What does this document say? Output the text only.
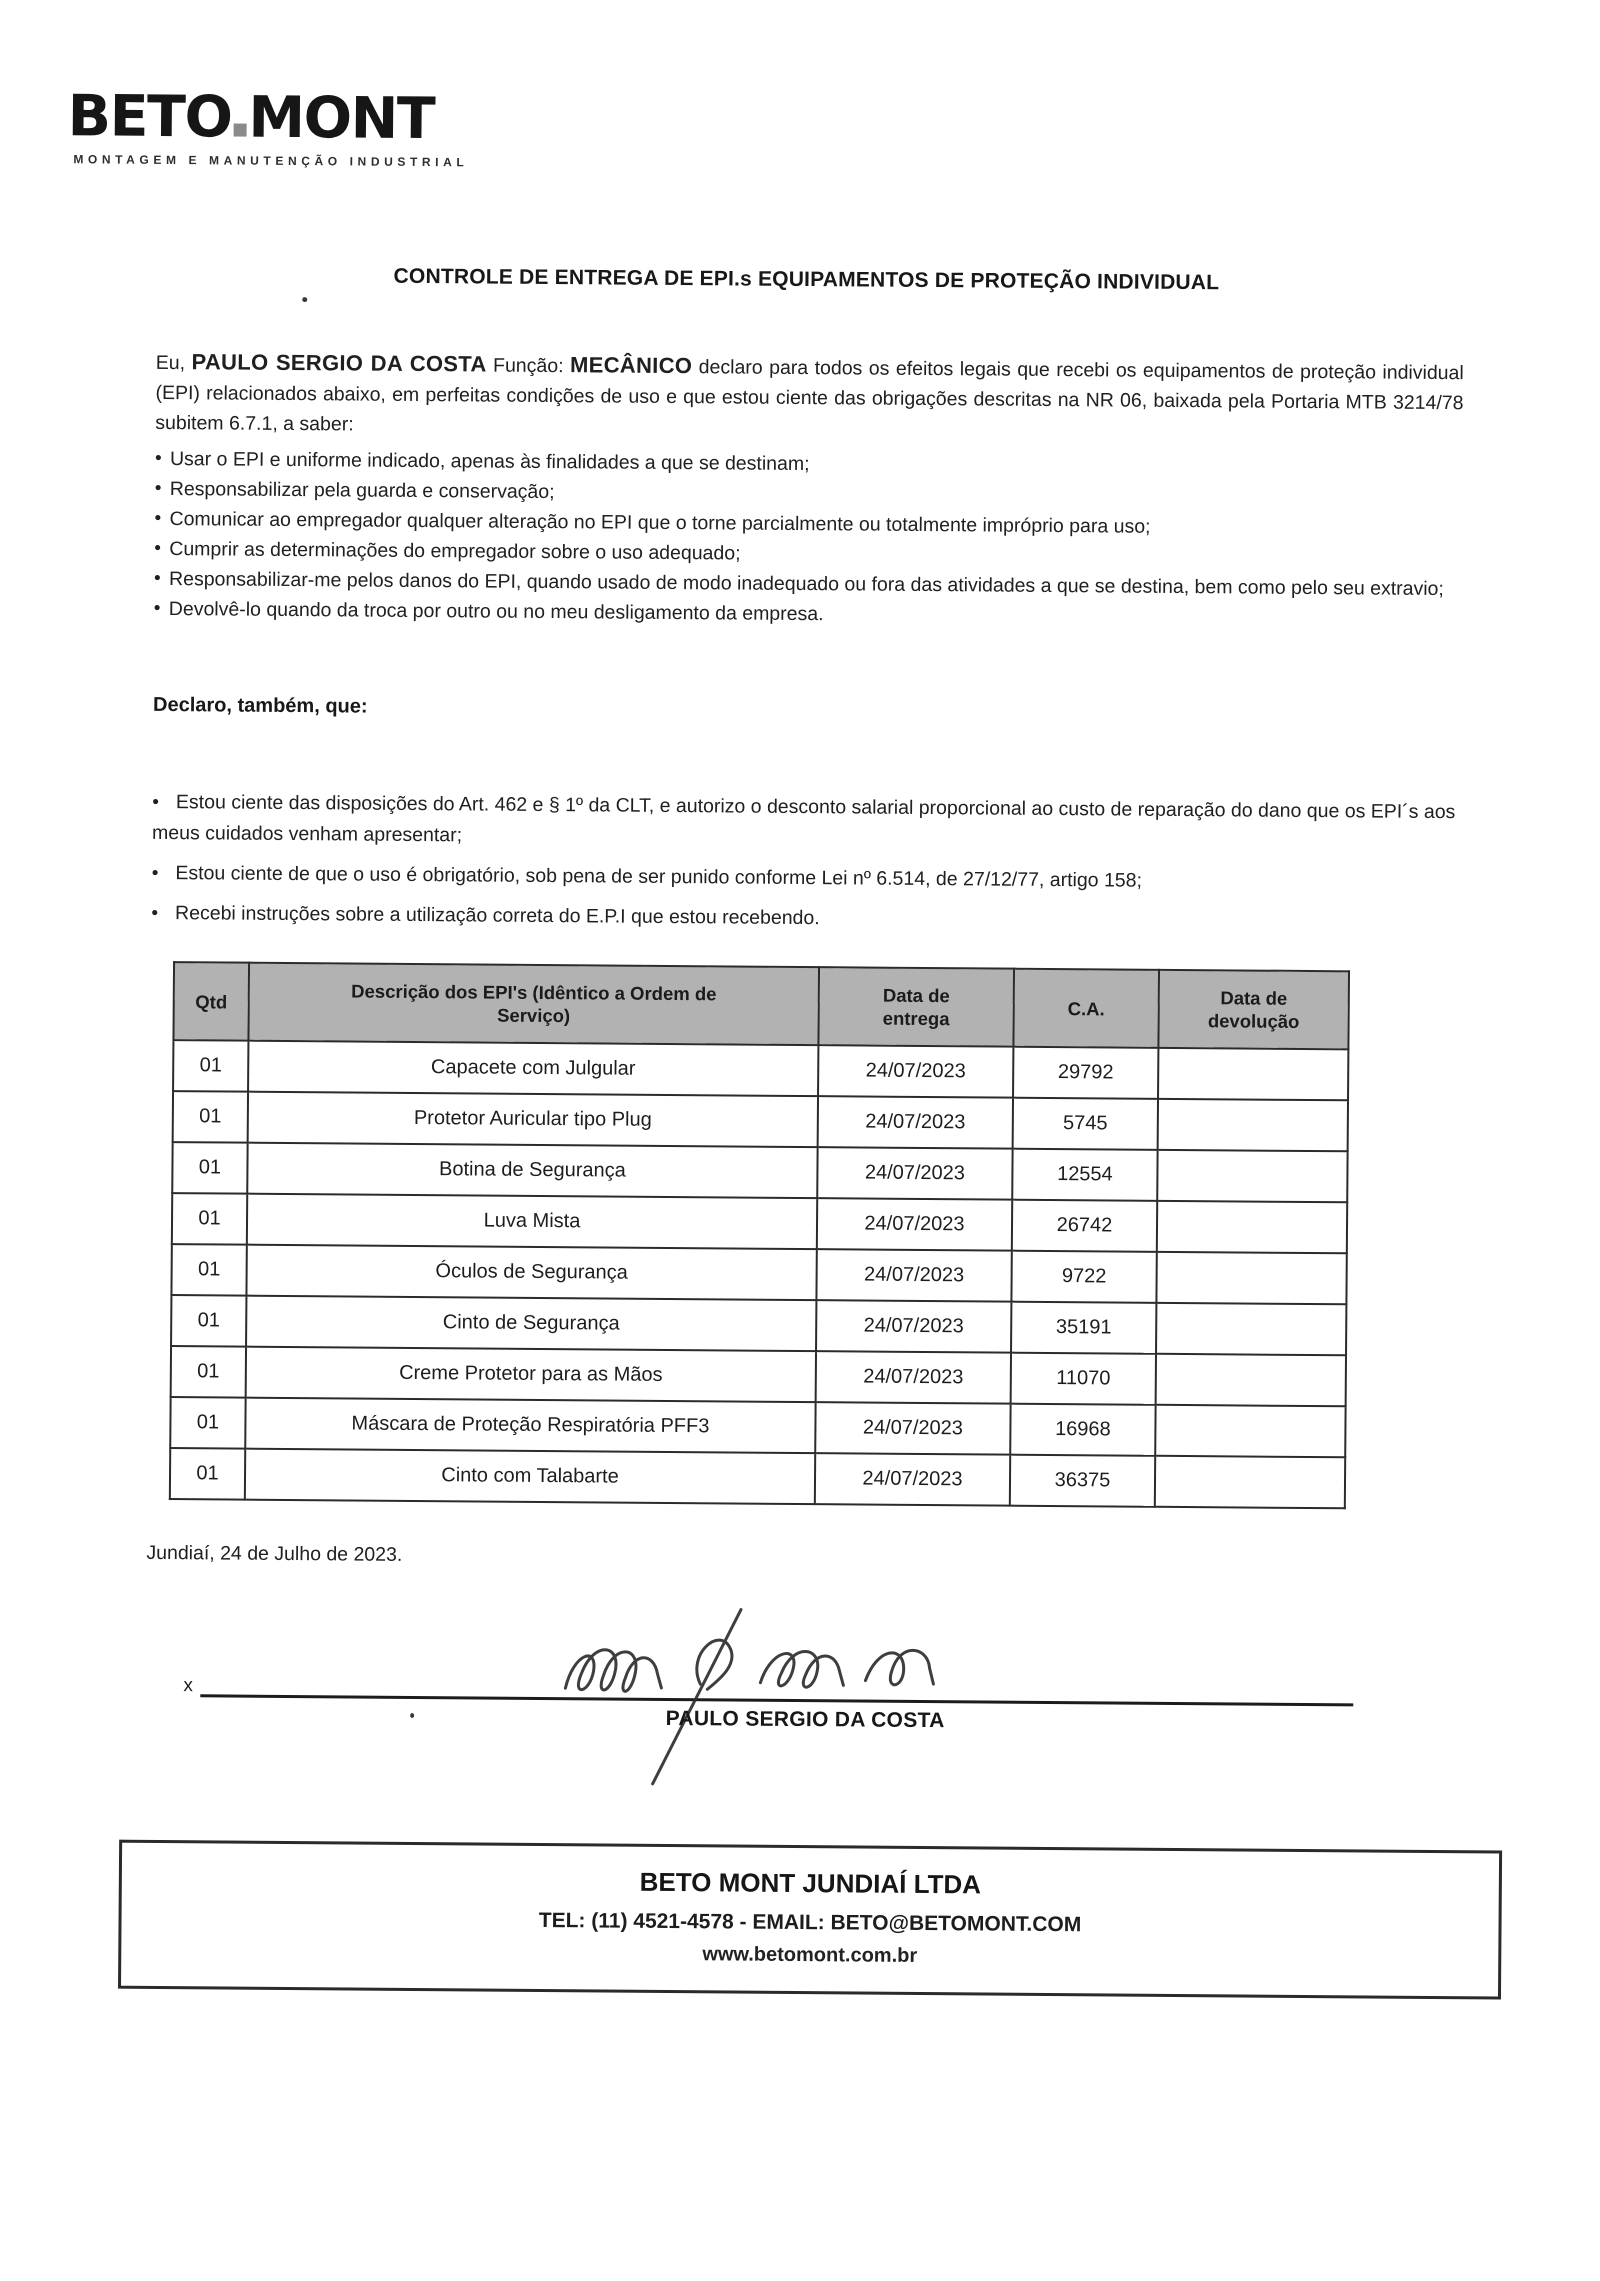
BETO MONT
MONTAGEM E MANUTENÇÃO INDUSTRIAL
CONTROLE DE ENTREGA DE EPI.s EQUIPAMENTOS DE PROTEÇÃO INDIVIDUAL

Eu, PAULO SERGIO DA COSTA Função: MECÂNICO declaro para todos os efeitos legais que recebi os equipamentos de proteção individual (EPI) relacionados abaixo, em perfeitas condições de uso e que estou ciente das obrigações descritas na NR 06, baixada pela Portaria MTB 3214/78 subitem 6.7.1, a saber:

• Usar o EPI e uniforme indicado, apenas às finalidades a que se destinam;
• Responsabilizar pela guarda e conservação;
• Comunicar ao empregador qualquer alteração no EPI que o torne parcialmente ou totalmente impróprio para uso;
• Cumprir as determinações do empregador sobre o uso adequado;
• Responsabilizar-me pelos danos do EPI, quando usado de modo inadequado ou fora das atividades a que se destina, bem como pelo seu extravio;
• Devolvê-lo quando da troca por outro ou no meu desligamento da empresa.
Declaro, também, que:
• Estou ciente das disposições do Art. 462 e § 1º da CLT, e autorizo o desconto salarial proporcional ao custo de reparação do dano que os EPI´s aos meus cuidados venham apresentar;
• Estou ciente de que o uso é obrigatório, sob pena de ser punido conforme Lei nº 6.514, de 27/12/77, artigo 158;
• Recebi instruções sobre a utilização correta do E.P.I que estou recebendo.
Qtd	Descrição dos EPI's (Idêntico a Ordem de Serviço)	Data de entrega	C.A.	Data de devolução
01	Capacete com Julgular	24/07/2023	29792	
01	Protetor Auricular tipo Plug	24/07/2023	5745	
01	Botina de Segurança	24/07/2023	12554	
01	Luva Mista	24/07/2023	26742	
01	Óculos de Segurança	24/07/2023	9722	
01	Cinto de Segurança	24/07/2023	35191	
01	Creme Protetor para as Mãos	24/07/2023	11070	
01	Máscara de Proteção Respiratória PFF3	24/07/2023	16968	
01	Cinto com Talabarte	24/07/2023	36375	
Jundiaí, 24 de Julho de 2023.
x
PAULO SERGIO DA COSTA
BETO MONT JUNDIAÍ LTDA
TEL: (11) 4521-4578 - EMAIL: BETO@BETOMONT.COM
www.betomont.com.br
